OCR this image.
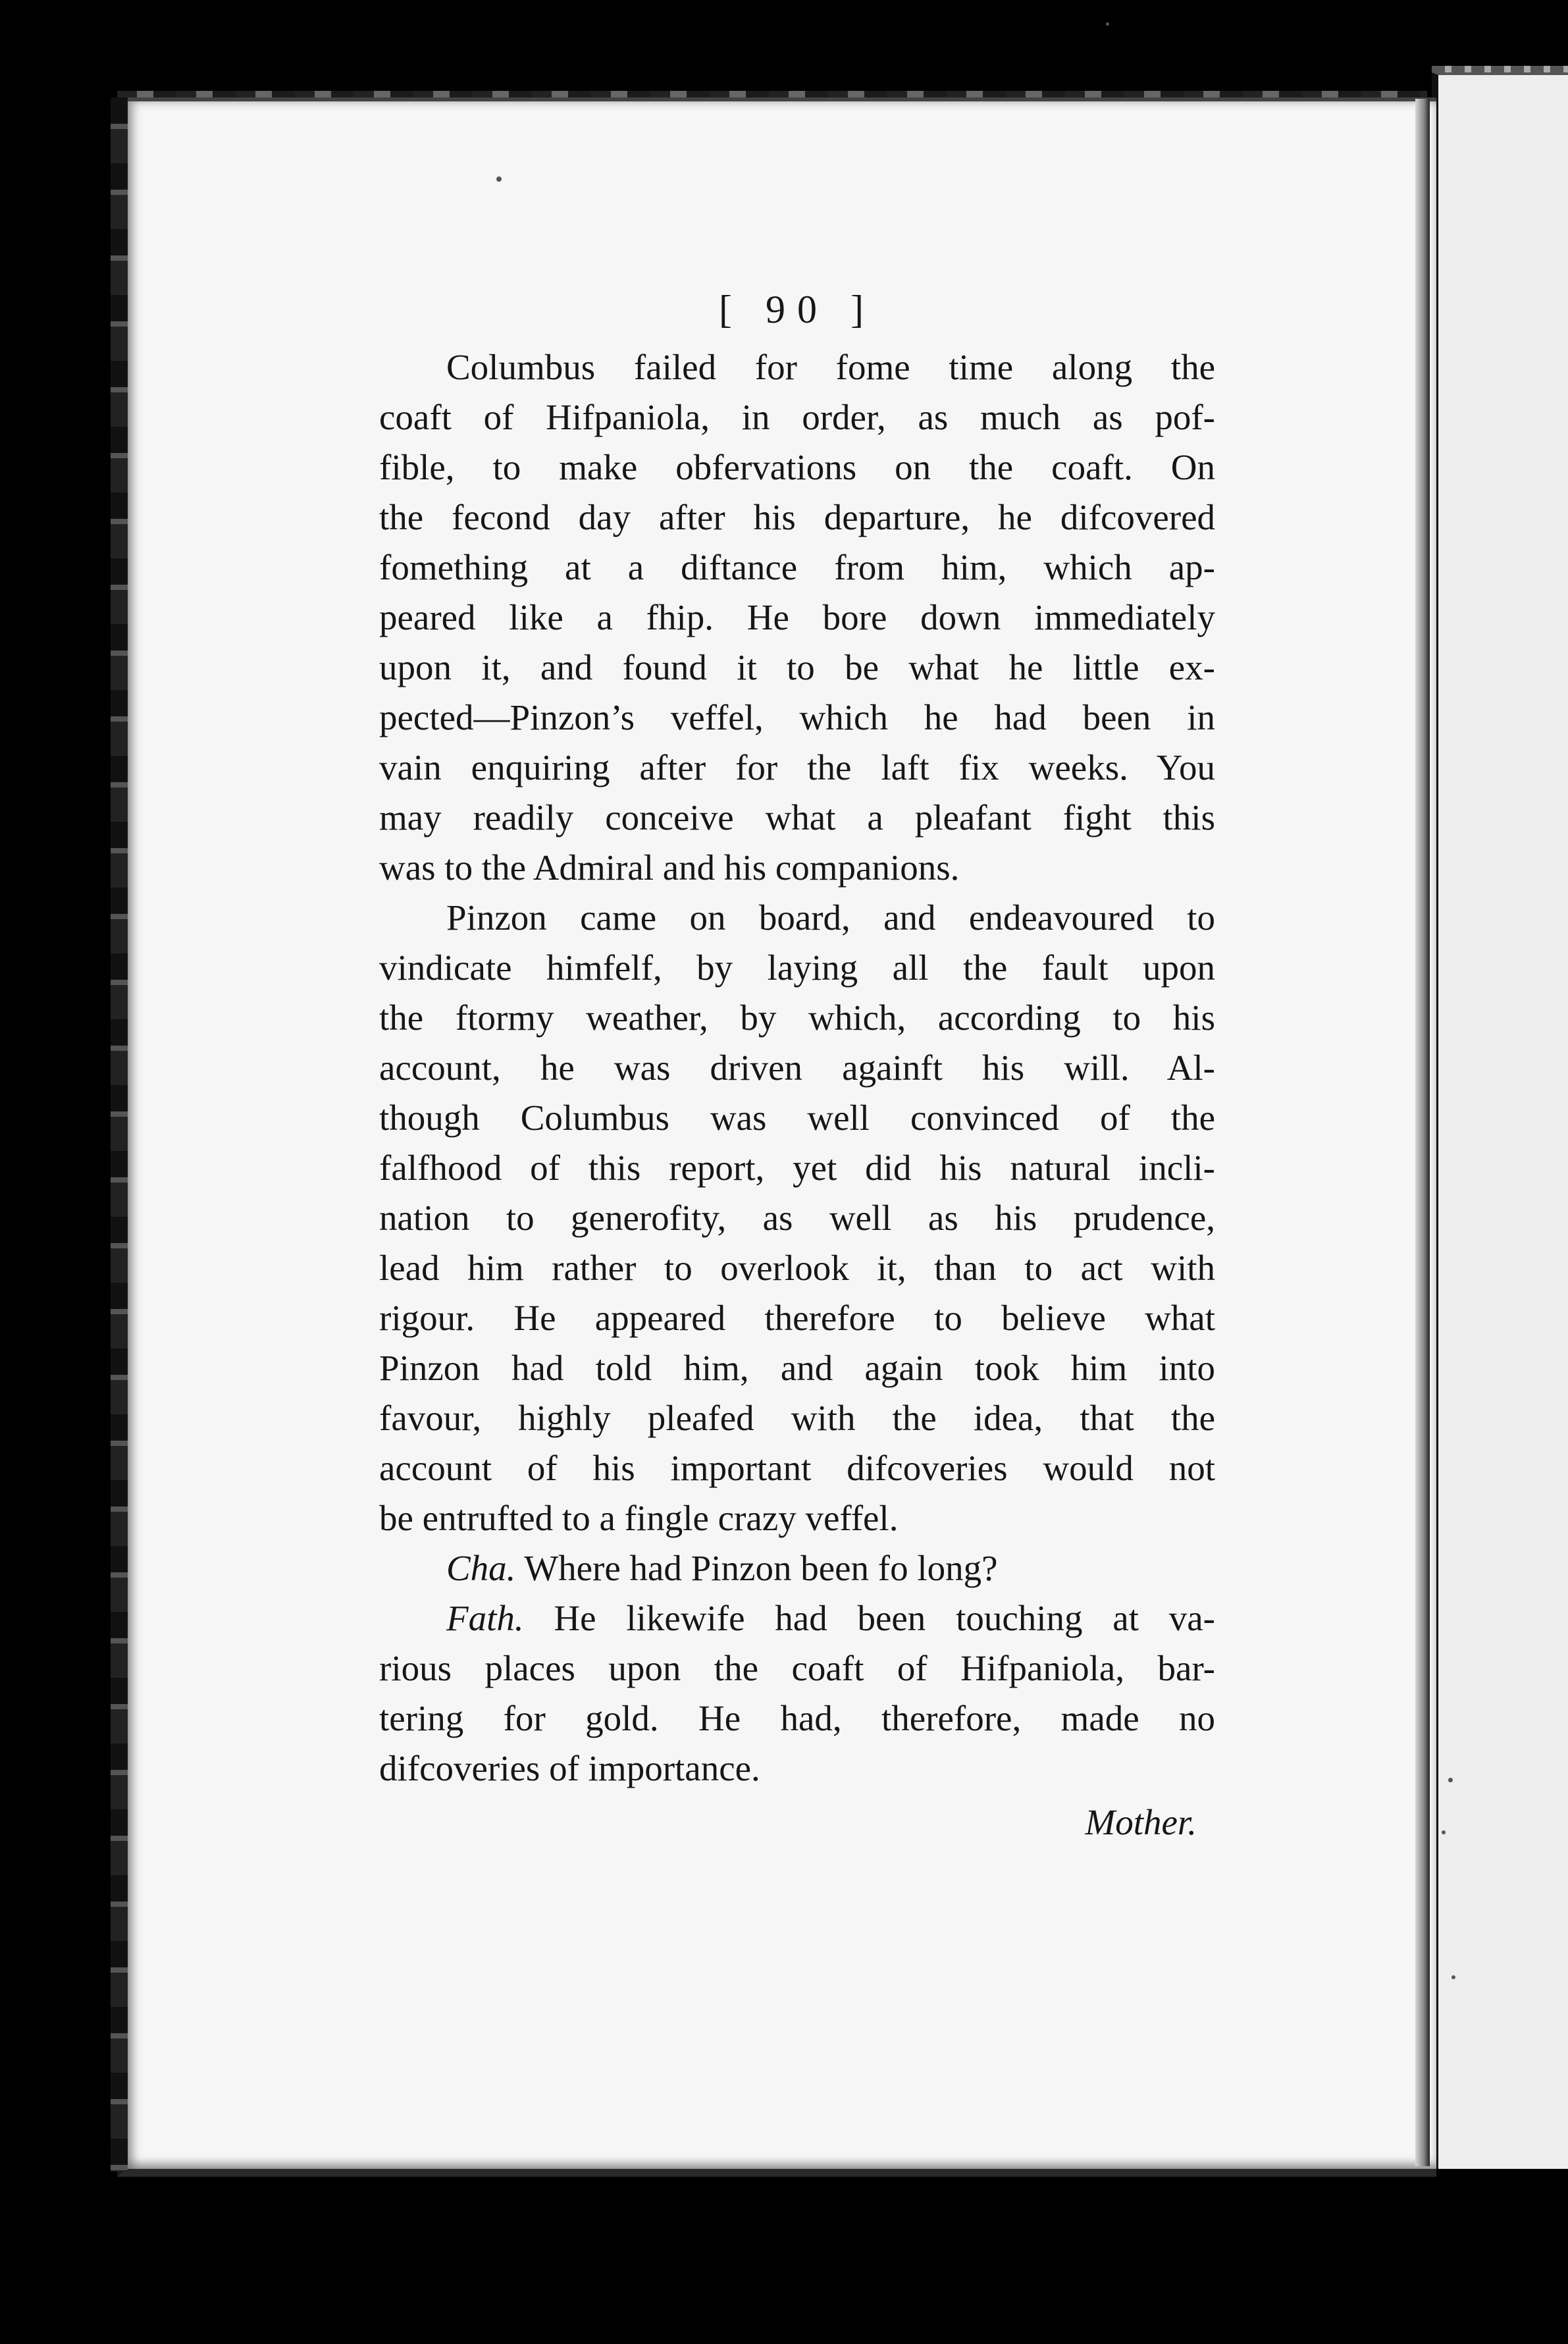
[ 90 ]
Columbus failed for fome time along the
coaft of Hifpaniola, in order, as much as pof-
fible, to make obfervations on the coaft. On
the fecond day after his departure, he difcovered
fomething at a diftance from him, which ap-
peared like a fhip. He bore down immediately
upon it, and found it to be what he little ex-
pected—Pinzon’s veffel, which he had been in
vain enquiring after for the laft fix weeks. You
may readily conceive what a pleafant fight this
was to the Admiral and his companions.
Pinzon came on board, and endeavoured to
vindicate himfelf, by laying all the fault upon
the ftormy weather, by which, according to his
account, he was driven againft his will. Al-
though Columbus was well convinced of the
falfhood of this report, yet did his natural incli-
nation to generofity, as well as his prudence,
lead him rather to overlook it, than to act with
rigour. He appeared therefore to believe what
Pinzon had told him, and again took him into
favour, highly pleafed with the idea, that the
account of his important difcoveries would not
be entrufted to a fingle crazy veffel.
Cha. Where had Pinzon been fo long?
Fath. He likewife had been touching at va-
rious places upon the coaft of Hifpaniola, bar-
tering for gold. He had, therefore, made no
difcoveries of importance.
Mother.
